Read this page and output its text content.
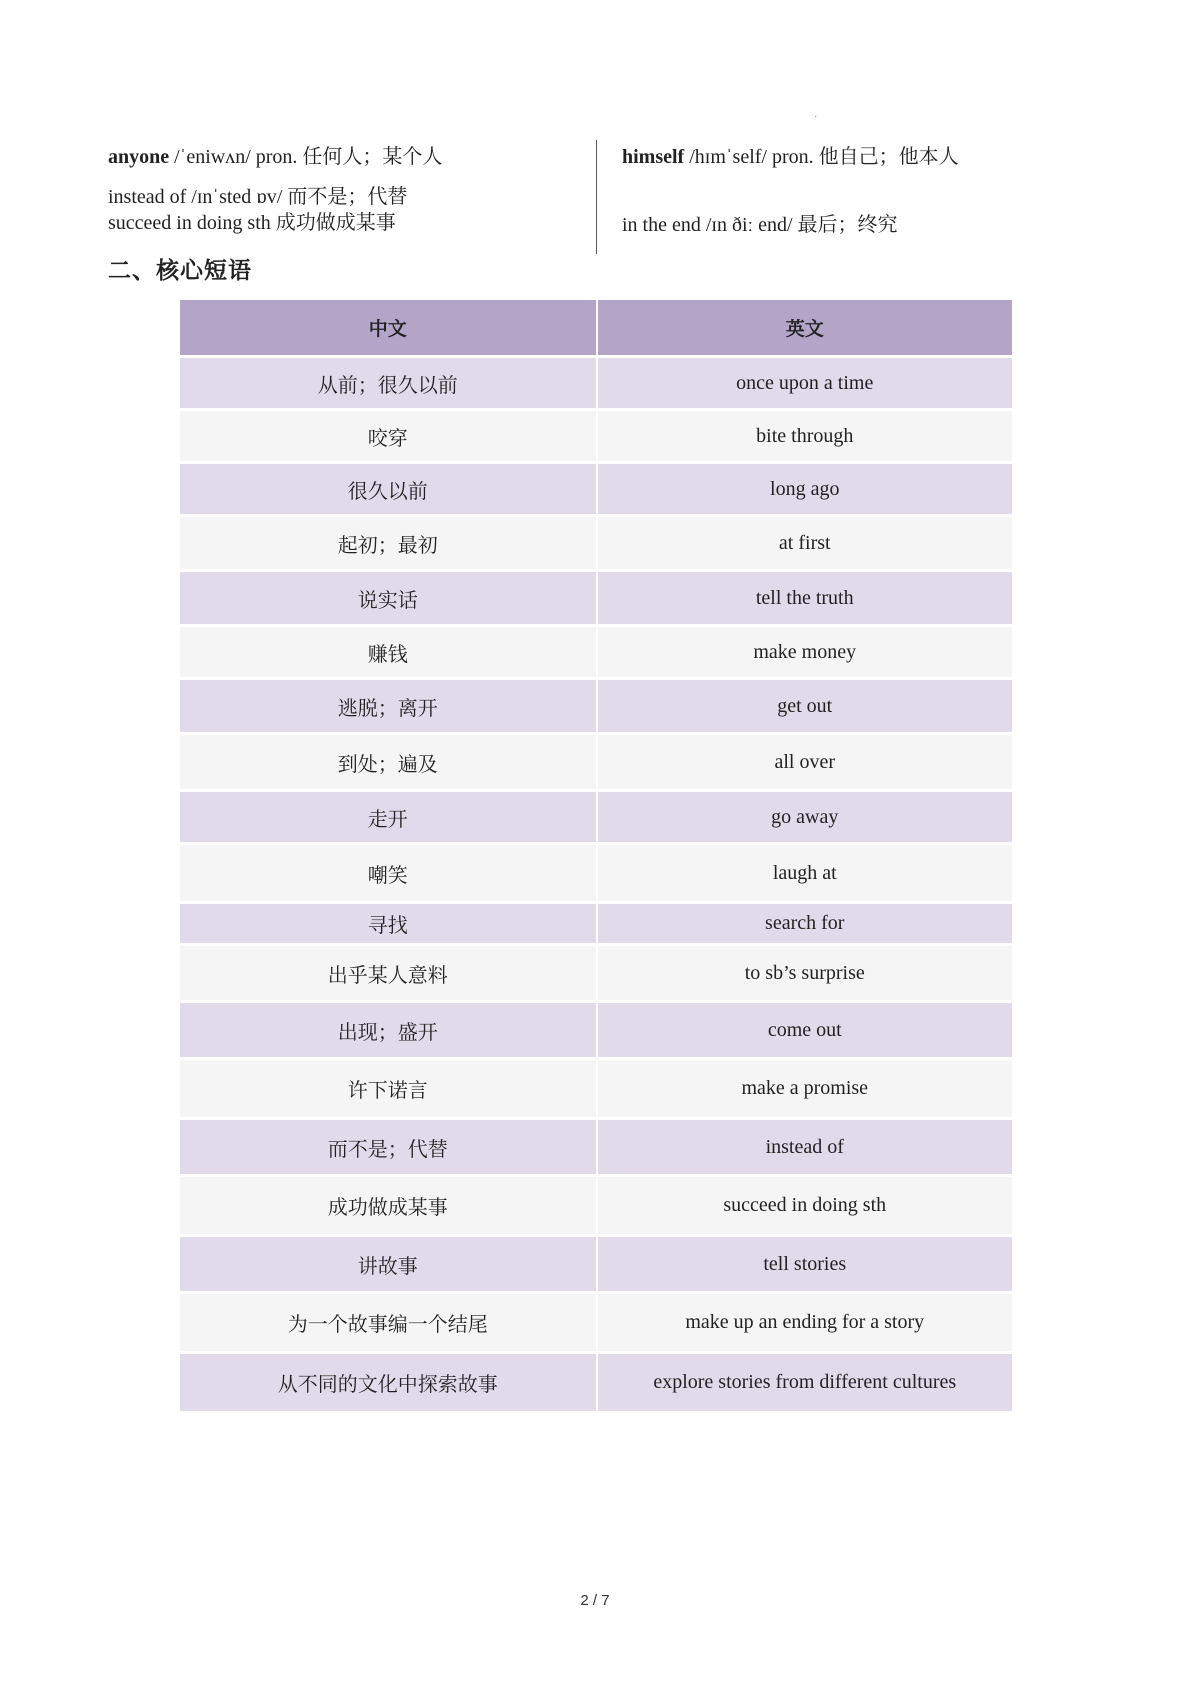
·
anyone /ˈeniwʌn/ pron. 任何人；某个人
instead of /ɪnˈsted ɒv/ 而不是；代替
succeed in doing sth 成功做成某事
himself /hɪmˈself/ pron. 他自己；他本人
in the end /ɪn ðiː end/ 最后；终究
二、核心短语
中文	英文
从前；很久以前	once upon a time
咬穿	bite through
很久以前	long ago
起初；最初	at first
说实话	tell the truth
赚钱	make money
逃脱；离开	get out
到处；遍及	all over
走开	go away
嘲笑	laugh at
寻找	search for
出乎某人意料	to sb’s surprise
出现；盛开	come out
许下诺言	make a promise
而不是；代替	instead of
成功做成某事	succeed in doing sth
讲故事	tell stories
为一个故事编一个结尾	make up an ending for a story
从不同的文化中探索故事	explore stories from different cultures
2 / 7
